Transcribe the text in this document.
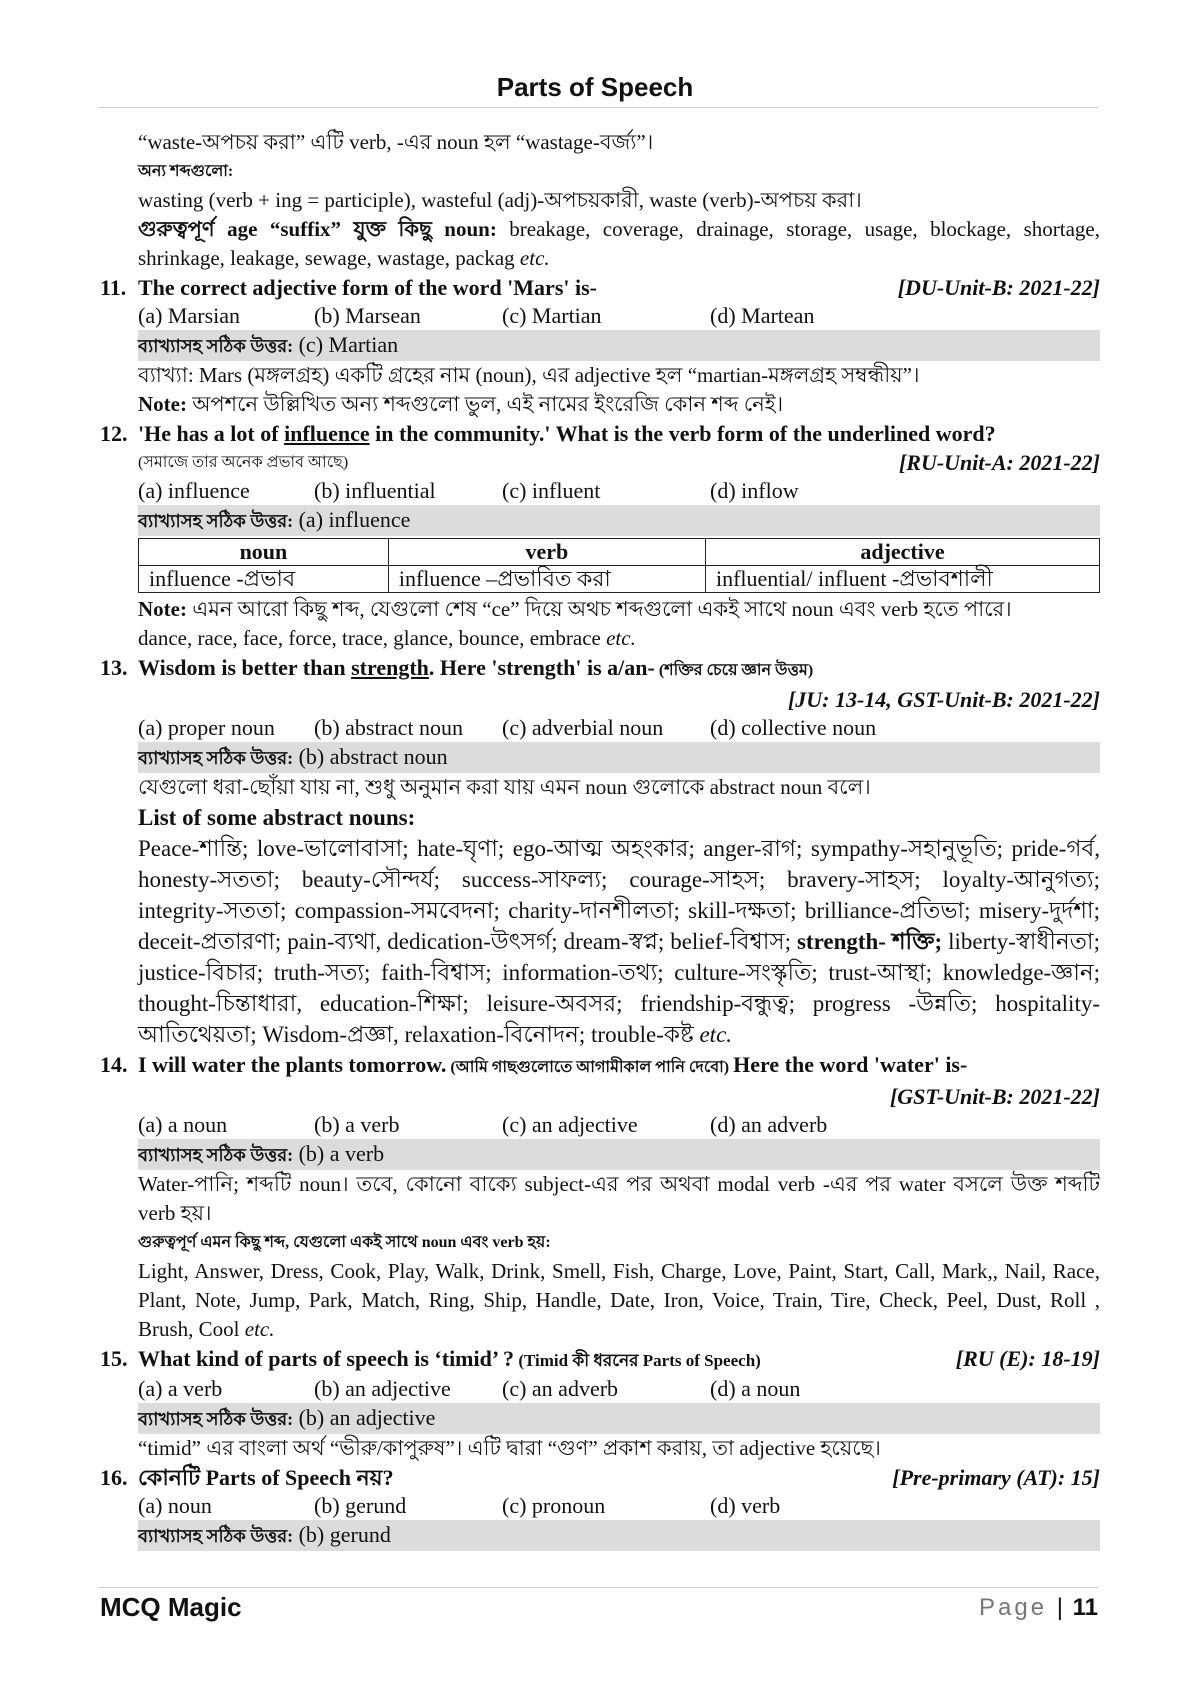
Parts of Speech
“waste-অপচয় করা” এটি verb, -এর noun হল “wastage-বর্জ্য”।
অন্য শব্দগুলো:
wasting (verb + ing = participle), wasteful (adj)-অপচয়কারী, waste (verb)-অপচয় করা।
গুরুত্বপূর্ণ age “suffix” যুক্ত কিছু noun: breakage, coverage, drainage, storage, usage, blockage, shortage, shrinkage, leakage, sewage, wastage, packag etc.
11. The correct adjective form of the word 'Mars' is-	[DU-Unit-B: 2021-22]
(a) Marsian	(b) Marsean	(c) Martian	(d) Martean
ব্যাখ্যাসহ সঠিক উত্তর: (c) Martian
ব্যাখ্যা: Mars (মঙ্গলগ্রহ) একটি গ্রহের নাম (noun), এর adjective হল “martian-মঙ্গলগ্রহ সম্বন্ধীয়”।
Note: অপশনে উল্লিখিত অন্য শব্দগুলো ভুল, এই নামের ইংরেজি কোন শব্দ নেই।
12. 'He has a lot of influence in the community.' What is the verb form of the underlined word?
(সমাজে তার অনেক প্রভাব আছে)	[RU-Unit-A: 2021-22]
(a) influence	(b) influential	(c) influent	(d) inflow
ব্যাখ্যাসহ সঠিক উত্তর: (a) influence
noun	verb	adjective
influence -প্রভাব	influence –প্রভাবিত করা	influential/ influent -প্রভাবশালী
Note: এমন আরো কিছু শব্দ, যেগুলো শেষ “ce” দিয়ে অথচ শব্দগুলো একই সাথে noun এবং verb হতে পারে।
dance, race, face, force, trace, glance, bounce, embrace etc.
13. Wisdom is better than strength. Here 'strength' is a/an- (শক্তির চেয়ে জ্ঞান উত্তম)
[JU: 13-14, GST-Unit-B: 2021-22]
(a) proper noun	(b) abstract noun	(c) adverbial noun	(d) collective noun
ব্যাখ্যাসহ সঠিক উত্তর: (b) abstract noun
যেগুলো ধরা-ছোঁয়া যায় না, শুধু অনুমান করা যায় এমন noun গুলোকে abstract noun বলে।
List of some abstract nouns:
Peace-শান্তি; love-ভালোবাসা; hate-ঘৃণা; ego-আত্ম অহংকার; anger-রাগ; sympathy-সহানুভূতি; pride-গর্ব, honesty-সততা; beauty-সৌন্দর্য; success-সাফল্য; courage-সাহস; bravery-সাহস; loyalty-আনুগত্য; integrity-সততা; compassion-সমবেদনা; charity-দানশীলতা; skill-দক্ষতা; brilliance-প্রতিভা; misery-দুর্দশা; deceit-প্রতারণা; pain-ব্যথা, dedication-উৎসর্গ; dream-স্বপ্ন; belief-বিশ্বাস; strength- শক্তি; liberty-স্বাধীনতা; justice-বিচার; truth-সত্য; faith-বিশ্বাস; information-তথ্য; culture-সংস্কৃতি; trust-আস্থা; knowledge-জ্ঞান; thought-চিন্তাধারা, education-শিক্ষা; leisure-অবসর; friendship-বন্ধুত্ব; progress -উন্নতি; hospitality-আতিথেয়তা; Wisdom-প্রজ্ঞা, relaxation-বিনোদন; trouble-কষ্ট etc.
14. I will water the plants tomorrow. (আমি গাছগুলোতে আগামীকাল পানি দেবো) Here the word 'water' is-
[GST-Unit-B: 2021-22]
(a) a noun	(b) a verb	(c) an adjective	(d) an adverb
ব্যাখ্যাসহ সঠিক উত্তর: (b) a verb
Water-পানি; শব্দটি noun। তবে, কোনো বাক্যে subject-এর পর অথবা modal verb -এর পর water বসলে উক্ত শব্দটি verb হয়।
গুরুত্বপূর্ণ এমন কিছু শব্দ, যেগুলো একই সাথে noun এবং verb হয়:
Light, Answer, Dress, Cook, Play, Walk, Drink, Smell, Fish, Charge, Love, Paint, Start, Call, Mark,, Nail, Race, Plant, Note, Jump, Park, Match, Ring, Ship, Handle, Date, Iron, Voice, Train, Tire, Check, Peel, Dust, Roll , Brush, Cool etc.
15. What kind of parts of speech is ‘timid’ ? (Timid কী ধরনের Parts of Speech)	[RU (E): 18-19]
(a) a verb	(b) an adjective	(c) an adverb	(d) a noun
ব্যাখ্যাসহ সঠিক উত্তর: (b) an adjective
“timid” এর বাংলা অর্থ “ভীরু/কাপুরুষ”। এটি দ্বারা “গুণ” প্রকাশ করায়, তা adjective হয়েছে।
16. কোনটি Parts of Speech নয়?	[Pre-primary (AT): 15]
(a) noun	(b) gerund	(c) pronoun	(d) verb
ব্যাখ্যাসহ সঠিক উত্তর: (b) gerund
MCQ Magic	Page | 11
